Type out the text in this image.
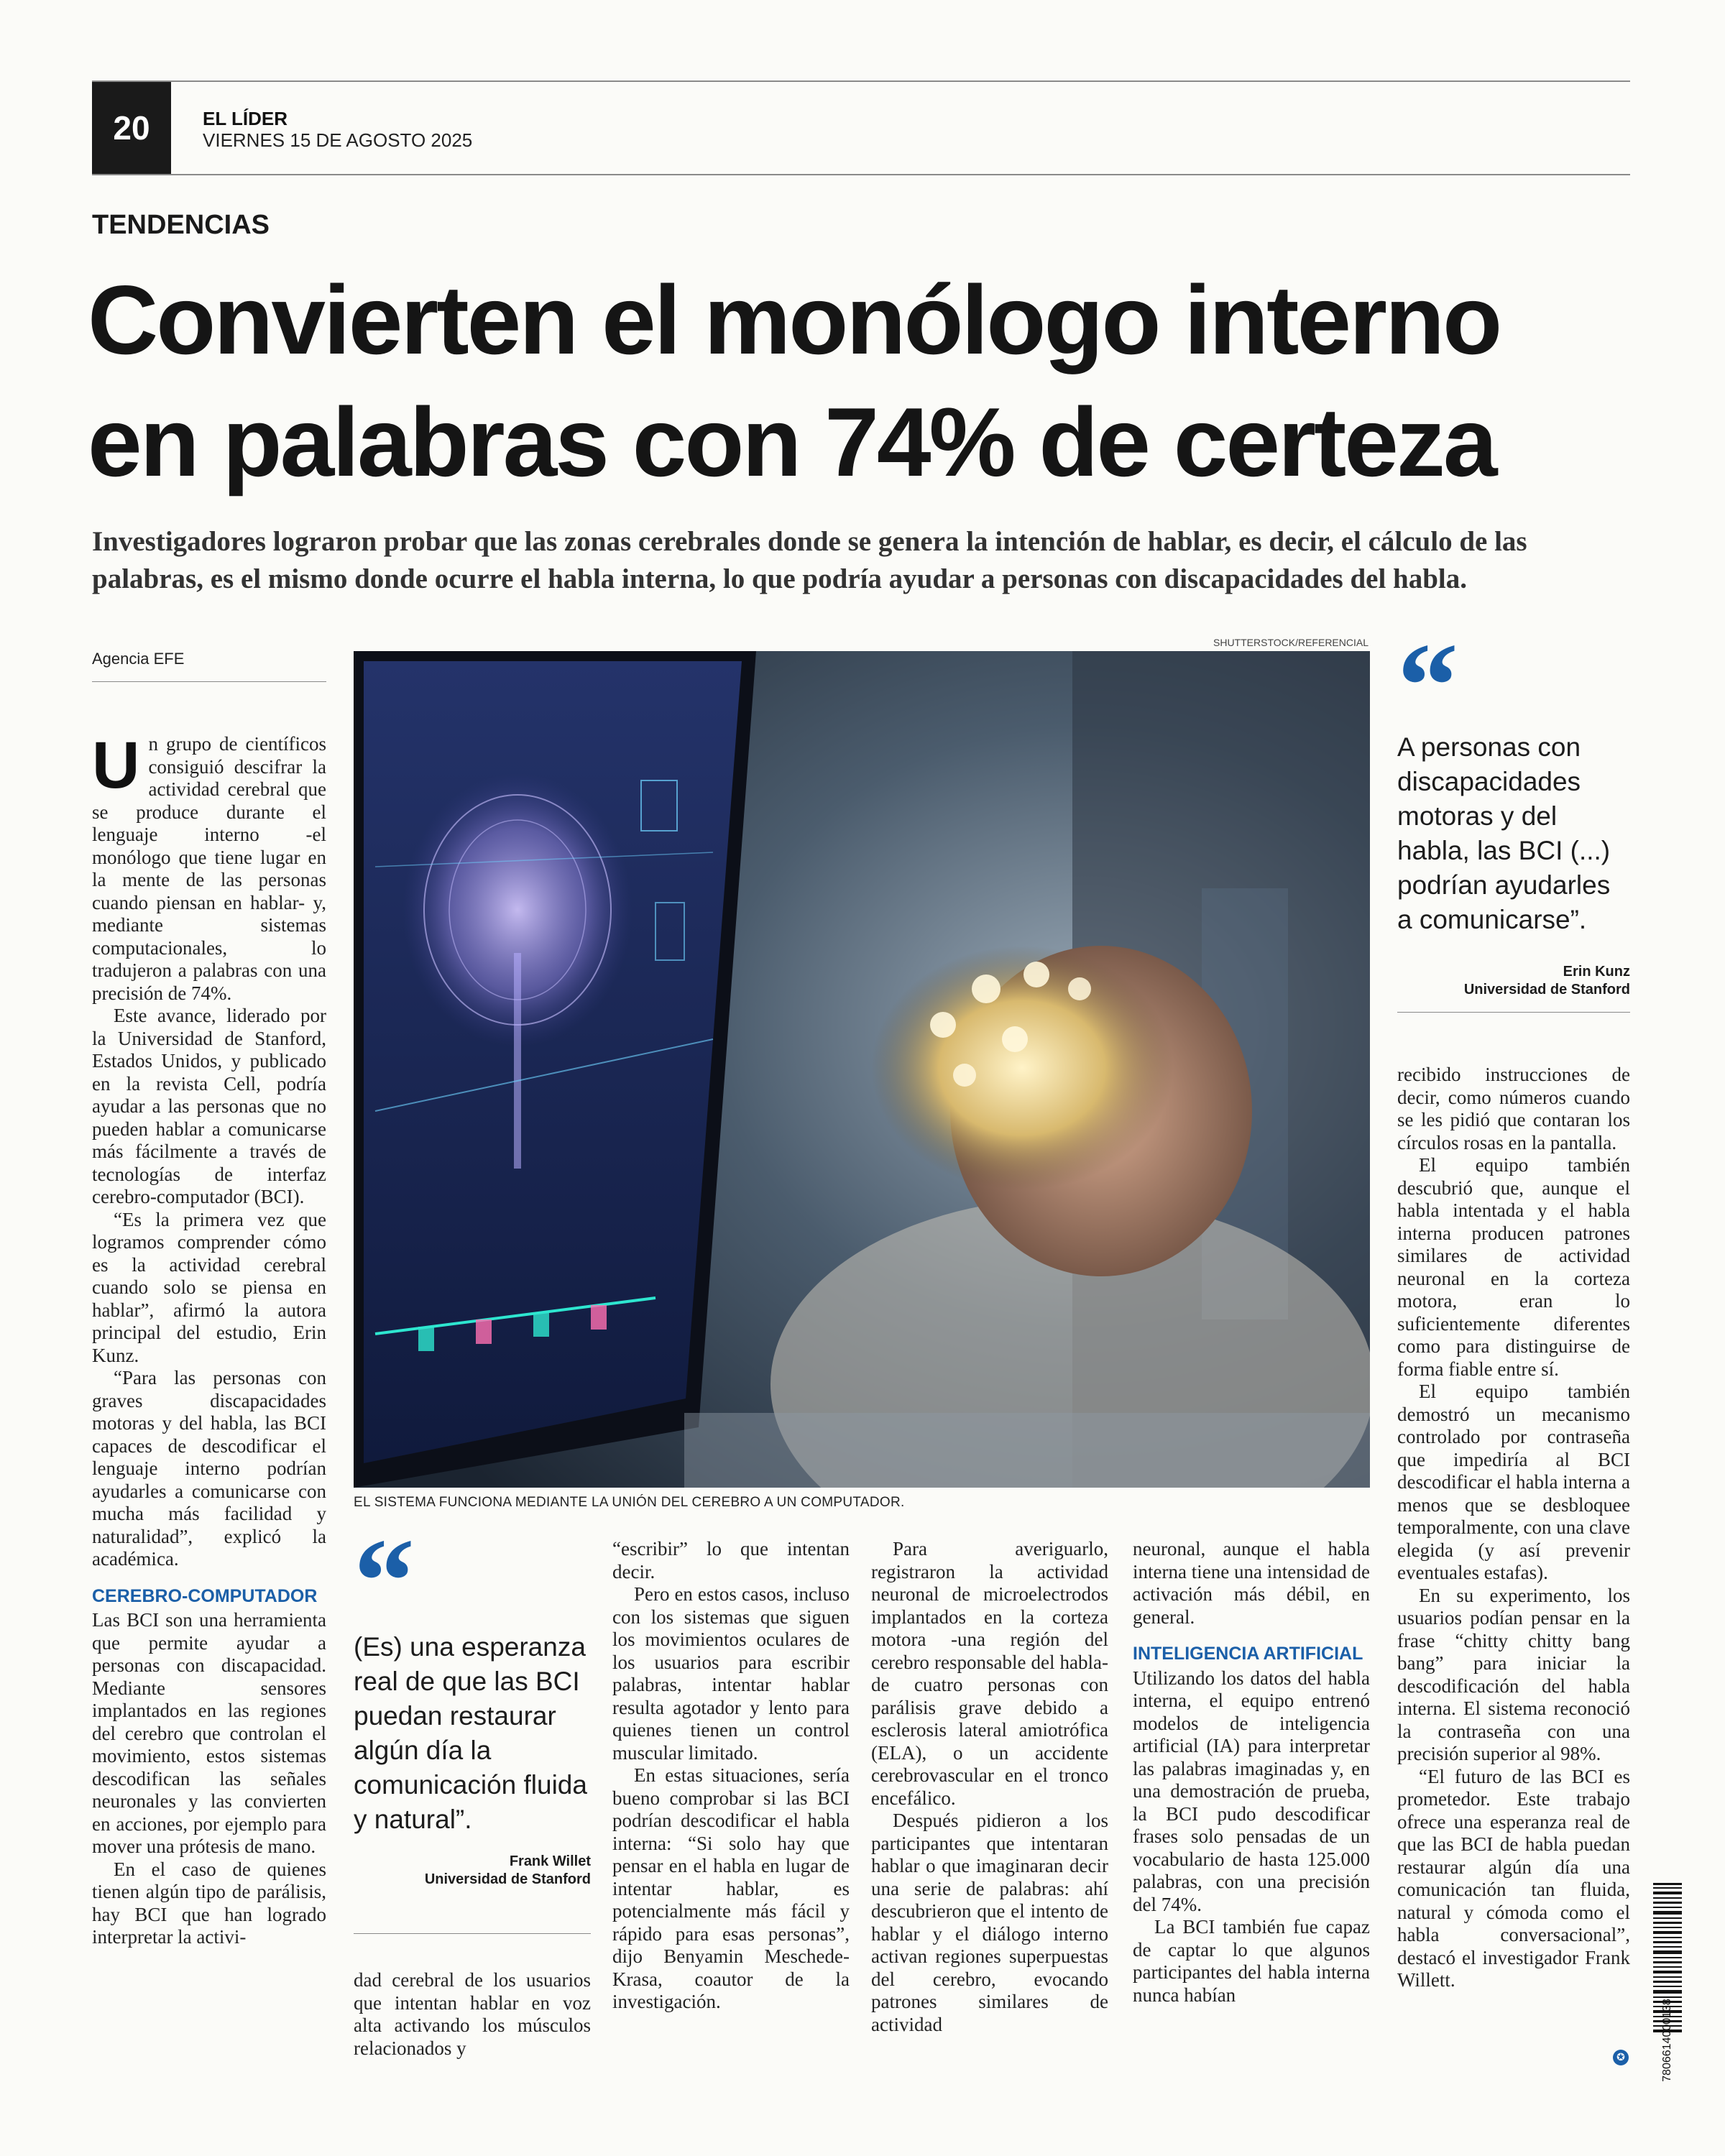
20	EL LÍDER
VIERNES 15 DE AGOSTO 2025
TENDENCIAS
Convierten el monólogo interno
en palabras con 74% de certeza
Investigadores lograron probar que las zonas cerebrales donde se genera la intención de hablar, es decir, el cálculo de las palabras, es el mismo donde ocurre el habla interna, lo que podría ayudar a personas con discapacidades del habla.
Agencia EFE
SHUTTERSTOCK/REFERENCIAL
EL SISTEMA FUNCIONA MEDIANTE LA UNIÓN DEL CEREBRO A UN COMPUTADOR.
“
A personas con discapacidades motoras y del habla, las BCI (...) podrían ayudarles a comunicarse”.
Erin Kunz
Universidad de Stanford

Un grupo de científicos consiguió descifrar la actividad cerebral que se produce durante el lenguaje interno -el monólogo que tiene lugar en la mente de las personas cuando piensan en hablar- y, mediante sistemas computacionales, lo tradujeron a palabras con una precisión de 74%.

Este avance, liderado por la Universidad de Stanford, Estados Unidos, y publicado en la revista Cell, podría ayudar a las personas que no pueden hablar a comunicarse más fácilmente a través de tecnologías de interfaz cerebro-computador (BCI).

“Es la primera vez que logramos comprender cómo es la actividad cerebral cuando solo se piensa en hablar”, afirmó la autora principal del estudio, Erin Kunz.

“Para las personas con graves discapacidades motoras y del habla, las BCI capaces de descodificar el lenguaje interno podrían ayudarles a comunicarse con mucha más facilidad y naturalidad”, explicó la académica.

CEREBRO-COMPUTADOR

Las BCI son una herramienta que permite ayudar a personas con discapacidad. Mediante sensores implantados en las regiones del cerebro que controlan el movimiento, estos sistemas descodifican las señales neuronales y las convierten en acciones, por ejemplo para mover una prótesis de mano.

En el caso de quienes tienen algún tipo de parálisis, hay BCI que han logrado interpretar la activi-

“
(Es) una esperanza real de que las BCI puedan restaurar algún día la comunicación fluida y natural”.
Frank Willet
Universidad de Stanford

dad cerebral de los usuarios que intentan hablar en voz alta activando los músculos relacionados y

“escribir” lo que intentan decir.

Pero en estos casos, incluso con los sistemas que siguen los movimientos oculares de los usuarios para escribir palabras, intentar hablar resulta agotador y lento para quienes tienen un control muscular limitado.

En estas situaciones, sería bueno comprobar si las BCI podrían descodificar el habla interna: “Si solo hay que pensar en el habla en lugar de intentar hablar, es potencialmente más fácil y rápido para esas personas”, dijo Benyamin Meschede-Krasa, coautor de la investigación.

Para averiguarlo, registraron la actividad neuronal de microelectrodos implantados en la corteza motora -una región del cerebro responsable del habla- de cuatro personas con parálisis grave debido a esclerosis lateral amiotrófica (ELA), o un accidente cerebrovascular en el tronco encefálico.

Después pidieron a los participantes que intentaran hablar o que imaginaran decir una serie de palabras: ahí descubrieron que el intento de hablar y el diálogo interno activan regiones superpuestas del cerebro, evocando patrones similares de actividad

neuronal, aunque el habla interna tiene una intensidad de activación más débil, en general.

INTELIGENCIA ARTIFICIAL

Utilizando los datos del habla interna, el equipo entrenó modelos de inteligencia artificial (IA) para interpretar las palabras imaginadas y, en una demostración de prueba, la BCI pudo descodificar frases solo pensadas de un vocabulario de hasta 125.000 palabras, con una precisión del 74%.

La BCI también fue capaz de captar lo que algunos participantes del habla interna nunca habían

recibido instrucciones de decir, como números cuando se les pidió que contaran los círculos rosas en la pantalla.

El equipo también descubrió que, aunque el habla intentada y el habla interna producen patrones similares de actividad neuronal en la corteza motora, eran lo suficientemente diferentes como para distinguirse de forma fiable entre sí.

El equipo también demostró un mecanismo controlado por contraseña que impediría al BCI descodificar el habla interna a menos que se desbloquee temporalmente, con una clave elegida (y así prevenir eventuales estafas).

En su experimento, los usuarios podían pensar en la frase “chitty chitty bang bang” para iniciar la descodificación del habla interna. El sistema reconoció la contraseña con una precisión superior al 98%.

“El futuro de las BCI es prometedor. Este trabajo ofrece una esperanza real de que las BCI de habla puedan restaurar algún día una comunicación tan fluida, natural y cómoda como el habla conversacional”, destacó el investigador Frank Willett.

✪	7806614000138
